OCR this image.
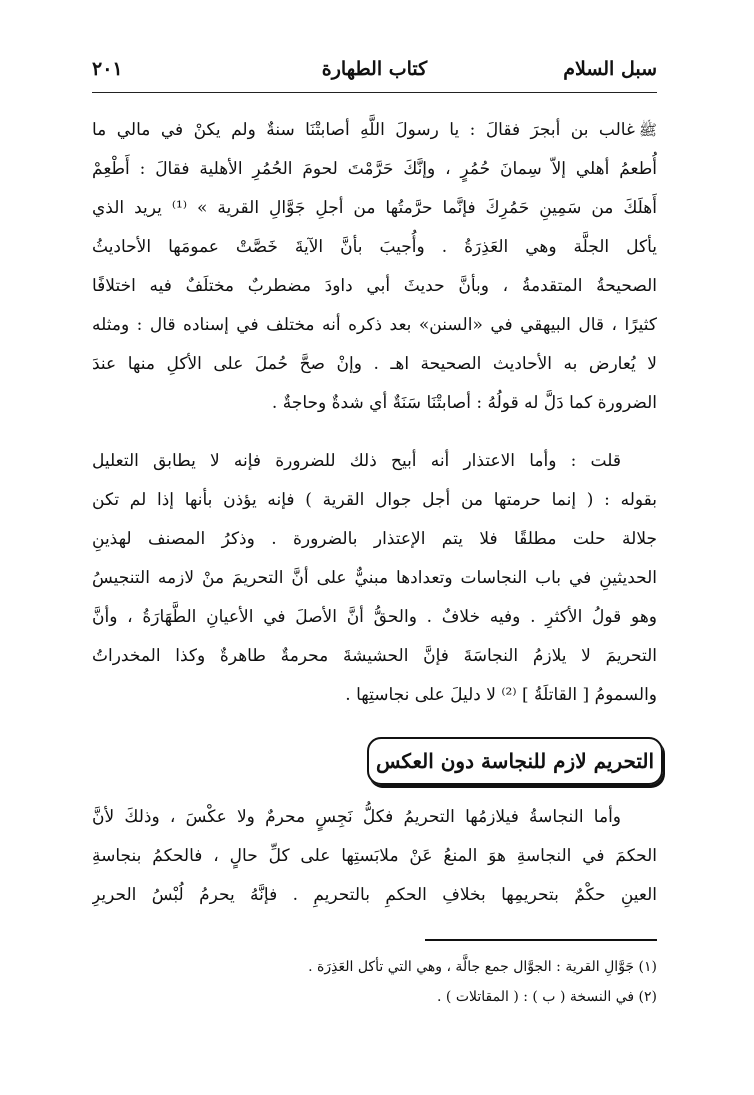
سبل السلام
كتاب الطهارة
٢٠١
ﷺغالب بن أبجرَ فقالَ : يا رسولَ اللَّهِ أصابتْنَا سنةٌ ولم يكنْ في مالي ما
أُطعمُ أهلي إلاّ سِمانَ حُمُرٍ ، وإنَّكَ حَرَّمْتَ لحومَ الحُمُرِ الأهلية فقالَ : أَطْعِمْ
أَهلَكَ من سَمِينِ حَمُرِكَ فإنَّما حرَّمتُها من أجلِ جَوَّالِ القرية » ⁽¹⁾ يريد الذي
يأكل الجلَّة وهي العَذِرَةُ . وأُجيبَ بأنَّ الآيةَ خَصَّتْ عمومَها الأحاديثُ
الصحيحةُ المتقدمةُ ، وبأنَّ حديثَ أبي داودَ مضطربٌ مختلَفٌ فيه اختلافًا
كثيرًا ، قال البيهقي في «السنن» بعد ذكره أنه مختلف في إسناده قال : ومثله
لا يُعارض به الأحاديث الصحيحة اهـ . وإنْ صحَّ حُملَ على الأكلِ منها عندَ
الضرورة كما دَلَّ له قولُهُ : أصابتْنَا سَنَةٌ أي شدةٌ وحاجةٌ .
قلت : وأما الاعتذار أنه أبيح ذلك للضرورة فإنه لا يطابق التعليل
بقوله : ( إنما حرمتها من أجل جوال القرية ) فإنه يؤذن بأنها إذا لم تكن
جلالة حلت مطلقًا فلا يتم الإعتذار بالضرورة . وذكرُ المصنف لهذينِ
الحديثينِ في باب النجاسات وتعدادها مبنيٌّ على أنَّ التحريمَ منْ لازمه التنجيسُ
وهو قولُ الأكثرِ . وفيه خلافٌ . والحقُّ أنَّ الأصلَ في الأعيانِ الطَّهَارَةُ ، وأنَّ
التحريمَ لا يلازمُ النجاسَةَ فإنَّ الحشيشةَ محرمةٌ طاهرةٌ وكذا المخدراتُ
والسمومُ [ القاتلَةُ ] ⁽²⁾ لا دليلَ على نجاستِها .
التحريم لازم للنجاسة دون العكس
وأما النجاسةُ فيلازمُها التحريمُ فكلُّ نَجِسٍ محرمٌ ولا عكْسَ ، وذلكَ لأنَّ
الحكمَ في النجاسةِ هوَ المنعُ عَنْ ملابَستِها على كلِّ حالٍ ، فالحكمُ بنجاسةِ
العينِ حكْمٌ بتحريمِها بخلافِ الحكمِ بالتحريمِ . فإنَّهُ يحرمُ لُبْسُ الحريرِ
(١) جَوَّالِ القرية : الجوَّال جمع جالَّة ، وهي التي تأكل العَذِرَة .
(٢) في النسخة ( ب ) : ( المقاتلات ) .
